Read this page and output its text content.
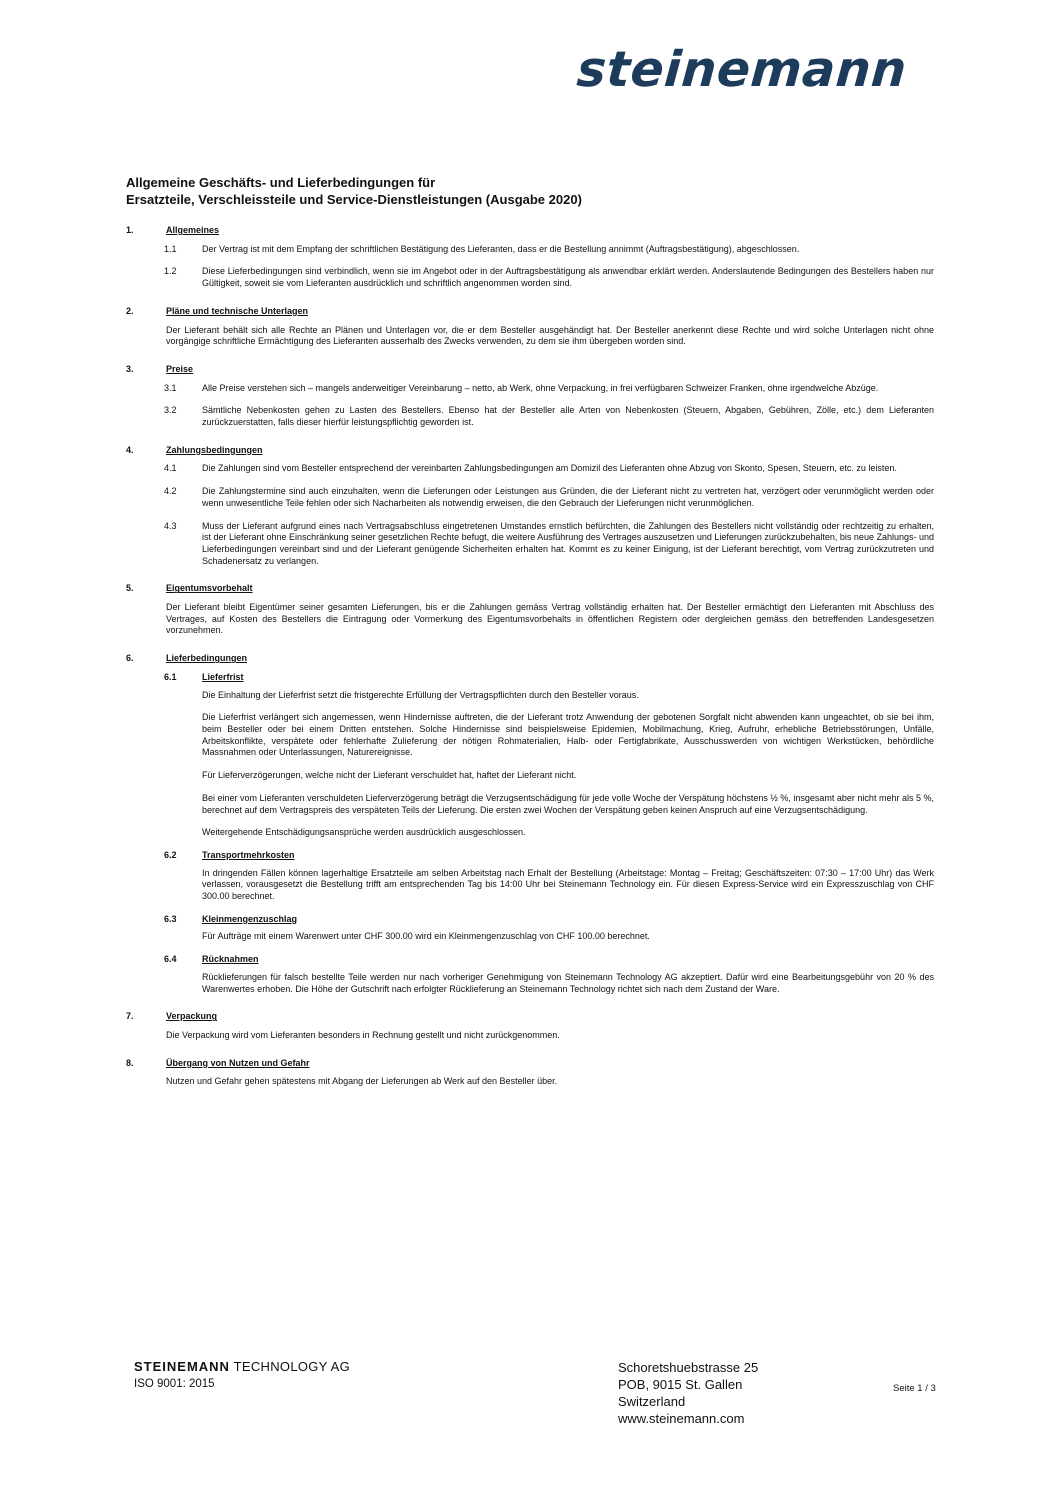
steinemann
Allgemeine Geschäfts- und Lieferbedingungen für
Ersatzteile, Verschleissteile und Service-Dienstleistungen (Ausgabe 2020)
1.	Allgemeines
1.1	Der Vertrag ist mit dem Empfang der schriftlichen Bestätigung des Lieferanten, dass er die Bestellung annimmt (Auftragsbestätigung), abgeschlossen.
1.2	Diese Lieferbedingungen sind verbindlich, wenn sie im Angebot oder in der Auftragsbestätigung als anwendbar erklärt werden. Anderslautende Bedingungen des Bestellers haben nur Gültigkeit, soweit sie vom Lieferanten ausdrücklich und schriftlich angenommen worden sind.
2.	Pläne und technische Unterlagen
Der Lieferant behält sich alle Rechte an Plänen und Unterlagen vor, die er dem Besteller ausgehändigt hat. Der Besteller anerkennt diese Rechte und wird solche Unterlagen nicht ohne vorgängige schriftliche Ermächtigung des Lieferanten ausserhalb des Zwecks verwenden, zu dem sie ihm übergeben worden sind.
3.	Preise
3.1	Alle Preise verstehen sich – mangels anderweitiger Vereinbarung – netto, ab Werk, ohne Verpackung, in frei verfügbaren Schweizer Franken, ohne irgendwelche Abzüge.
3.2	Sämtliche Nebenkosten gehen zu Lasten des Bestellers. Ebenso hat der Besteller alle Arten von Nebenkosten (Steuern, Abgaben, Gebühren, Zölle, etc.) dem Lieferanten zurückzuerstatten, falls dieser hierfür leistungspflichtig geworden ist.
4.	Zahlungsbedingungen
4.1	Die Zahlungen sind vom Besteller entsprechend der vereinbarten Zahlungsbedingungen am Domizil des Lieferanten ohne Abzug von Skonto, Spesen, Steuern, etc. zu leisten.
4.2	Die Zahlungstermine sind auch einzuhalten, wenn die Lieferungen oder Leistungen aus Gründen, die der Lieferant nicht zu vertreten hat, verzögert oder verunmöglicht werden oder wenn unwesentliche Teile fehlen oder sich Nacharbeiten als notwendig erweisen, die den Gebrauch der Lieferungen nicht verunmöglichen.
4.3	Muss der Lieferant aufgrund eines nach Vertragsabschluss eingetretenen Umstandes ernstlich befürchten, die Zahlungen des Bestellers nicht vollständig oder rechtzeitig zu erhalten, ist der Lieferant ohne Einschränkung seiner gesetzlichen Rechte befugt, die weitere Ausführung des Vertrages auszusetzen und Lieferungen zurückzubehalten, bis neue Zahlungs- und Lieferbedingungen vereinbart sind und der Lieferant genügende Sicherheiten erhalten hat. Kommt es zu keiner Einigung, ist der Lieferant berechtigt, vom Vertrag zurückzutreten und Schadenersatz zu verlangen.
5.	Eigentumsvorbehalt
Der Lieferant bleibt Eigentümer seiner gesamten Lieferungen, bis er die Zahlungen gemäss Vertrag vollständig erhalten hat. Der Besteller ermächtigt den Lieferanten mit Abschluss des Vertrages, auf Kosten des Bestellers die Eintragung oder Vormerkung des Eigentumsvorbehalts in öffentlichen Registern oder dergleichen gemäss den betreffenden Landesgesetzen vorzunehmen.
6.	Lieferbedingungen
6.1	Lieferfrist
Die Einhaltung der Lieferfrist setzt die fristgerechte Erfüllung der Vertragspflichten durch den Besteller voraus.
Die Lieferfrist verlängert sich angemessen, wenn Hindernisse auftreten, die der Lieferant trotz Anwendung der gebotenen Sorgfalt nicht abwenden kann ungeachtet, ob sie bei ihm, beim Besteller oder bei einem Dritten entstehen. Solche Hindernisse sind beispielsweise Epidemien, Mobilmachung, Krieg, Aufruhr, erhebliche Betriebsstörungen, Unfälle, Arbeitskonflikte, verspätete oder fehlerhafte Zulieferung der nötigen Rohmaterialien, Halb- oder Fertigfabrikate, Ausschusswerden von wichtigen Werkstücken, behördliche Massnahmen oder Unterlassungen, Naturereignisse.
Für Lieferverzögerungen, welche nicht der Lieferant verschuldet hat, haftet der Lieferant nicht.
Bei einer vom Lieferanten verschuldeten Lieferverzögerung beträgt die Verzugsentschädigung für jede volle Woche der Verspätung höchstens ½ %, insgesamt aber nicht mehr als 5 %, berechnet auf dem Vertragspreis des verspäteten Teils der Lieferung. Die ersten zwei Wochen der Verspätung geben keinen Anspruch auf eine Verzugsentschädigung.
Weitergehende Entschädigungsansprüche werden ausdrücklich ausgeschlossen.
6.2	Transportmehrkosten
In dringenden Fällen können lagerhaltige Ersatzteile am selben Arbeitstag nach Erhalt der Bestellung (Arbeitstage: Montag – Freitag; Geschäftszeiten: 07:30 – 17:00 Uhr) das Werk verlassen, vorausgesetzt die Bestellung trifft am entsprechenden Tag bis 14:00 Uhr bei Steinemann Technology ein. Für diesen Express-Service wird ein Expresszuschlag von CHF 300.00 berechnet.
6.3	Kleinmengenzuschlag
Für Aufträge mit einem Warenwert unter CHF 300.00 wird ein Kleinmengenzuschlag von CHF 100.00 berechnet.
6.4	Rücknahmen
Rücklieferungen für falsch bestellte Teile werden nur nach vorheriger Genehmigung von Steinemann Technology AG akzeptiert. Dafür wird eine Bearbeitungsgebühr von 20 % des Warenwertes erhoben. Die Höhe der Gutschrift nach erfolgter Rücklieferung an Steinemann Technology richtet sich nach dem Zustand der Ware.
7.	Verpackung
Die Verpackung wird vom Lieferanten besonders in Rechnung gestellt und nicht zurückgenommen.
8.	Übergang von Nutzen und Gefahr
Nutzen und Gefahr gehen spätestens mit Abgang der Lieferungen ab Werk auf den Besteller über.
STEINEMANN TECHNOLOGY AG
ISO 9001: 2015
Schoretshuebstrasse 25
POB, 9015 St. Gallen
Switzerland
www.steinemann.com
Seite 1 / 3
